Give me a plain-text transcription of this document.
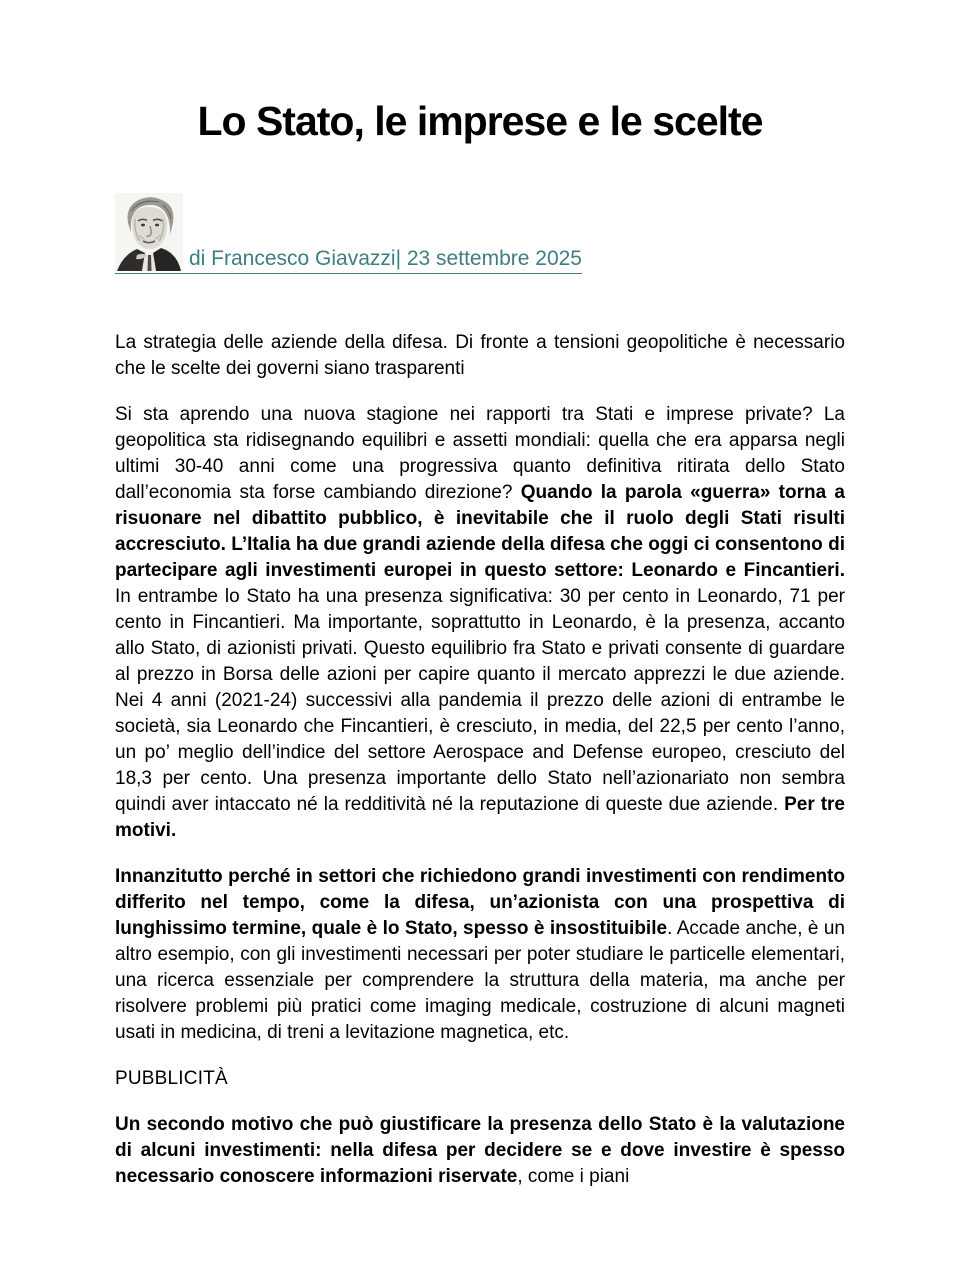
Lo Stato, le imprese e le scelte
di Francesco Giavazzi| 23 settembre 2025

La strategia delle aziende della difesa. Di fronte a tensioni geopolitiche è necessario che le scelte dei governi siano trasparenti

Si sta aprendo una nuova stagione nei rapporti tra Stati e imprese private? La geopolitica sta ridisegnando equilibri e assetti mondiali: quella che era apparsa negli ultimi 30-40 anni come una progressiva quanto definitiva ritirata dello Stato dall’economia sta forse cambiando direzione? Quando la parola «guerra» torna a risuonare nel dibattito pubblico, è inevitabile che il ruolo degli Stati risulti accresciuto. L’Italia ha due grandi aziende della difesa che oggi ci consentono di partecipare agli investimenti europei in questo settore: Leonardo e Fincantieri. In entrambe lo Stato ha una presenza significativa: 30 per cento in Leonardo, 71 per cento in Fincantieri. Ma importante, soprattutto in Leonardo, è la presenza, accanto allo Stato, di azionisti privati. Questo equilibrio fra Stato e privati consente di guardare al prezzo in Borsa delle azioni per capire quanto il mercato apprezzi le due aziende. Nei 4 anni (2021-24) successivi alla pandemia il prezzo delle azioni di entrambe le società, sia Leonardo che Fincantieri, è cresciuto, in media, del 22,5 per cento l’anno, un po’ meglio dell’indice del settore Aerospace and Defense europeo, cresciuto del 18,3 per cento. Una presenza importante dello Stato nell’azionariato non sembra quindi aver intaccato né la redditività né la reputazione di queste due aziende. Per tre motivi.

Innanzitutto perché in settori che richiedono grandi investimenti con rendimento differito nel tempo, come la difesa, un’azionista con una prospettiva di lunghissimo termine, quale è lo Stato, spesso è insostituibile. Accade anche, è un altro esempio, con gli investimenti necessari per poter studiare le particelle elementari, una ricerca essenziale per comprendere la struttura della materia, ma anche per risolvere problemi più pratici come imaging medicale, costruzione di alcuni magneti usati in medicina, di treni a levitazione magnetica, etc.

PUBBLICITÀ

Un secondo motivo che può giustificare la presenza dello Stato è la valutazione di alcuni investimenti: nella difesa per decidere se e dove investire è spesso necessario conoscere informazioni riservate, come i piani
